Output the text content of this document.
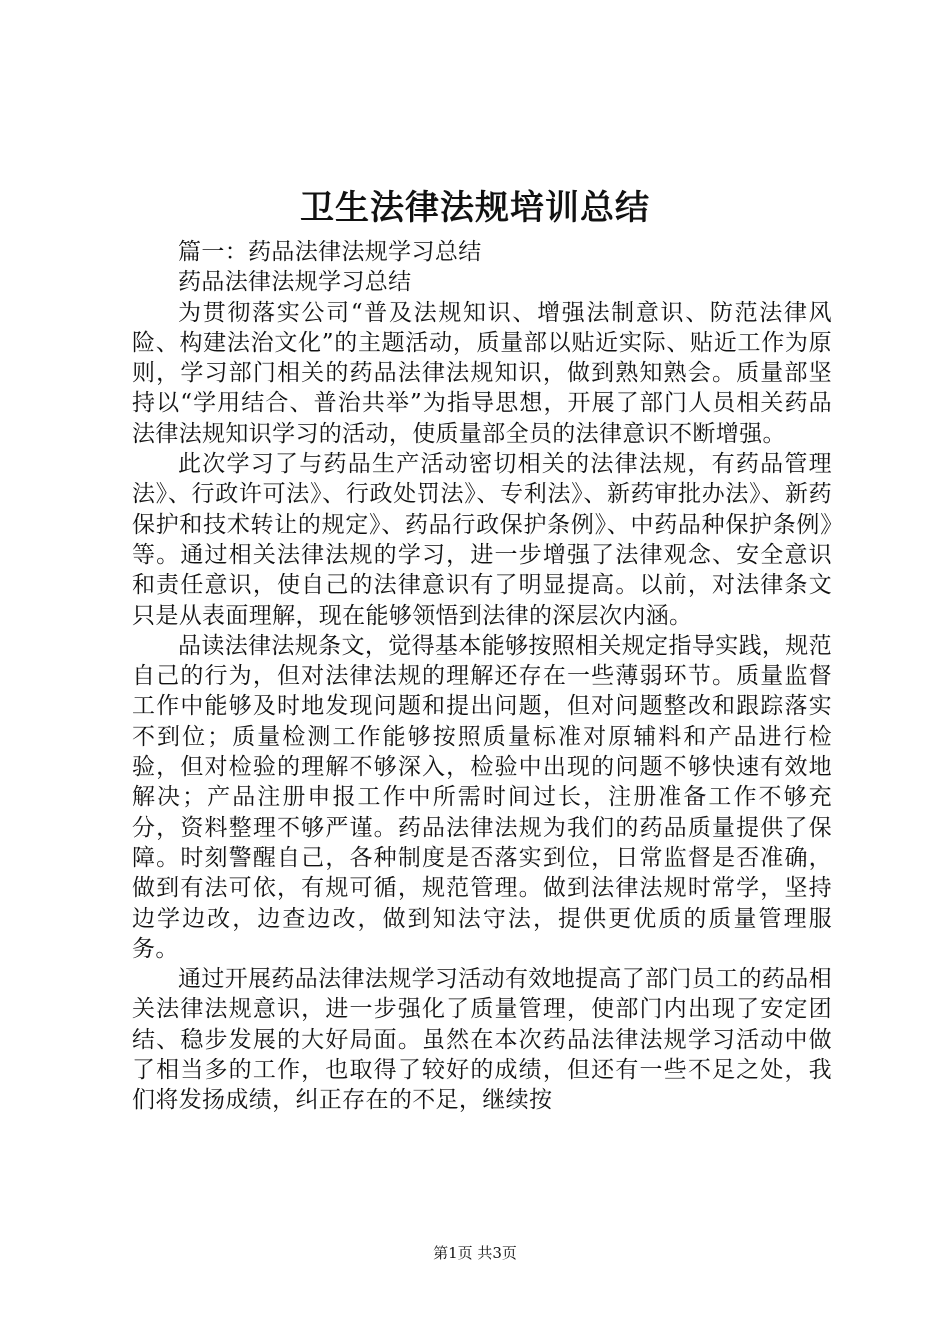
卫生法律法规培训总结

篇一：药品法律法规学习总结

药品法律法规学习总结

为贯彻落实公司“普及法规知识、增强法制意识、防范法律风险、构建法治文化”的主题活动，质量部以贴近实际、贴近工作为原则，学习部门相关的药品法律法规知识，做到熟知熟会。质量部坚持以“学用结合、普治共举”为指导思想，开展了部门人员相关药品法律法规知识学习的活动，使质量部全员的法律意识不断增强。

此次学习了与药品生产活动密切相关的法律法规，有药品管理法》、行政许可法》、行政处罚法》、专利法》、新药审批办法》、新药保护和技术转让的规定》、药品行政保护条例》、中药品种保护条例》等。通过相关法律法规的学习，进一步增强了法律观念、安全意识和责任意识，使自己的法律意识有了明显提高。以前，对法律条文只是从表面理解，现在能够领悟到法律的深层次内涵。

品读法律法规条文，觉得基本能够按照相关规定指导实践，规范自己的行为，但对法律法规的理解还存在一些薄弱环节。质量监督工作中能够及时地发现问题和提出问题，但对问题整改和跟踪落实不到位；质量检测工作能够按照质量标准对原辅料和产品进行检验，但对检验的理解不够深入，检验中出现的问题不够快速有效地解决；产品注册申报工作中所需时间过长，注册准备工作不够充分，资料整理不够严谨。药品法律法规为我们的药品质量提供了保障。时刻警醒自己，各种制度是否落实到位，日常监督是否准确，做到有法可依，有规可循，规范管理。做到法律法规时常学，坚持边学边改，边查边改，做到知法守法，提供更优质的质量管理服务。

通过开展药品法律法规学习活动有效地提高了部门员工的药品相关法律法规意识，进一步强化了质量管理，使部门内出现了安定团结、稳步发展的大好局面。虽然在本次药品法律法规学习活动中做了相当多的工作，也取得了较好的成绩，但还有一些不足之处，我们将发扬成绩，纠正存在的不足，继续按

第1页 共3页
